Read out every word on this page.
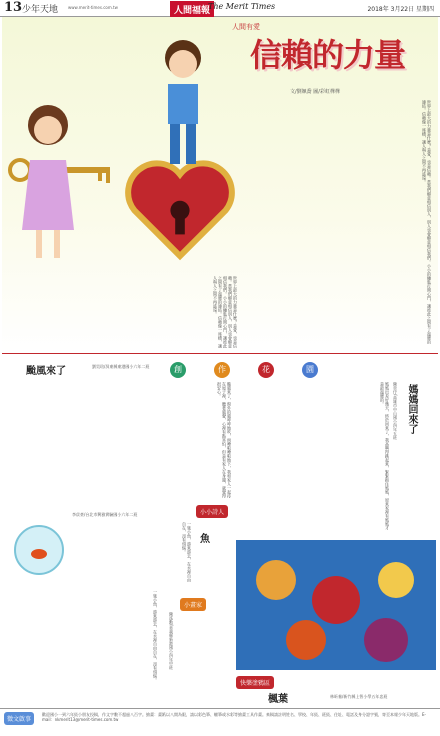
13 少年天地 www.merit-times.com.tw	人間福報
The Merit Times	2018年 3月22日 星期四
人間有愛
信賴的力量
文/劉姵喬 圖/彩虹樺樺
世界上最大的力量是什麼？是愛，也是信賴。當我們願意相信別人，別人也會願意相信我們。小小的鑰匙打開心門，讓彼此之間有了溫暖的連結。信賴像一座橋，讓人與人之間不再遙遠。
世界上最大的力量是什麼？是愛，也是信賴。當我們願意相信別人，別人也會願意相信我們。小小的鑰匙打開心門，讓彼此之間有了溫暖的連結。信賴像一座橋，讓人與人之間不再遙遠。
創	作	花	園
颱風來了	劉昊瑄/屏東縣東港國小六年二班
颱風來了，窗外的風呼呼地吹，雨嘩啦嘩啦地下，我和家人一起待在屋子裡，聽著風聲，心裡有點害怕，但是有家人在身邊，就覺得很安心。	媽媽回來了
陳奕伃/高雄市中山國小四年五班
媽媽出差好幾天，終於回來了，我高興得跳起來，緊緊抱住媽媽，原來家裡有媽媽才是最溫暖的。
小小詩人
魚
李苡豪/台北市興雅實驗國小六年二班
一隻小魚，游來游去，在水裡自由自在，沒有煩惱。
小畫家
陳泓勳/嘉義縣新港國小四年甲班
一隻小魚，游來游去，在水裡自由自在，沒有煩惱。
快樂塗鴉區
楓葉	林昕蓁/新竹縣上智小學五年忠班
徵文啟事
歡迎國小一到六年級小朋友投稿，作文字數不超過八百字。繪畫：畫紙以八開為限，請以彩色筆、蠟筆或水彩等繪畫工具作畫。來稿請註明姓名、學校、年級、班級、住址、電話及身分證字號，寄至本報少年天地版。E-mail：nkmerit13@merit-times.com.tw
